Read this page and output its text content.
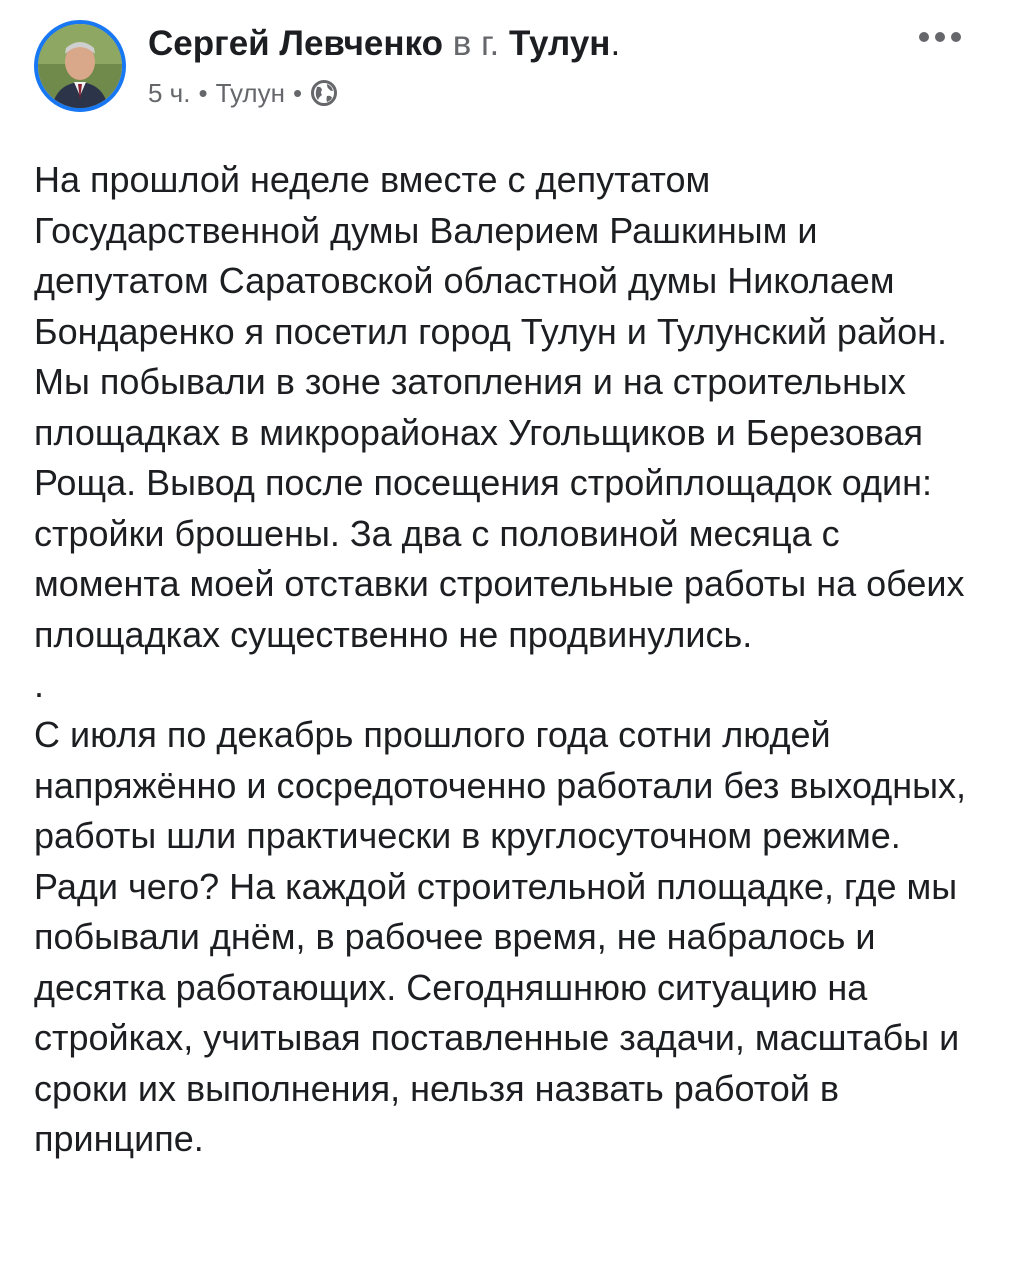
Сергей Левченко в г. Тулун.
5 ч. • Тулун •

На прошлой неделе вместе с депутатом Государственной думы Валерием Рашкиным и депутатом Саратовской областной думы Николаем Бондаренко я посетил город Тулун и Тулунский район. Мы побывали в зоне затопления и на строительных площадках в микрорайонах Угольщиков и Березовая Роща. Вывод после посещения стройплощадок один: стройки брошены. За два с половиной месяца с момента моей отставки строительные работы на обеих площадках существенно не продвинулись.

.

С июля по декабрь прошлого года сотни людей напряжённо и сосредоточенно работали без выходных, работы шли практически в круглосуточном режиме. Ради чего? На каждой строительной площадке, где мы побывали днём, в рабочее время, не набралось и десятка работающих. Сегодняшнюю ситуацию на стройках, учитывая поставленные задачи, масштабы и сроки их выполнения, нельзя назвать работой в принципе.
